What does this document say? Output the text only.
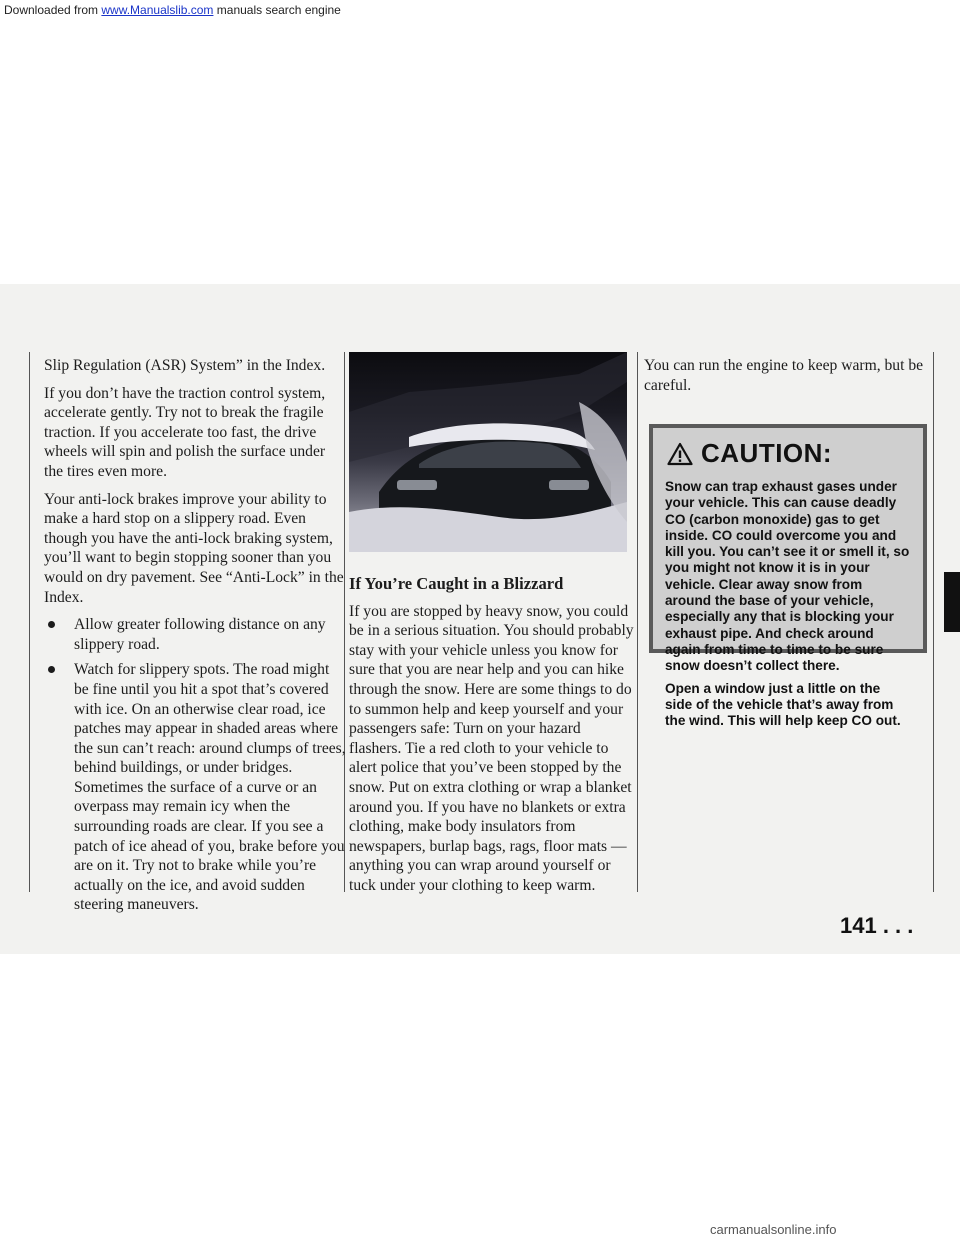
Downloaded from www.Manualslib.com manuals search engine

Slip Regulation (ASR) System” in the Index.

If you don’t have the traction control system, accelerate gently. Try not to break the fragile traction. If you accelerate too fast, the drive wheels will spin and polish the surface under the tires even more.

Your anti-lock brakes improve your ability to make a hard stop on a slippery road. Even though you have the anti-lock braking system, you’ll want to begin stopping sooner than you would on dry pavement. See “Anti-Lock” in the Index.

Allow greater following distance on any slippery road.
Watch for slippery spots. The road might be fine until you hit a spot that’s covered with ice. On an otherwise clear road, ice patches may appear in shaded areas where the sun can’t reach: around clumps of trees, behind buildings, or under bridges. Sometimes the surface of a curve or an overpass may remain icy when the surrounding roads are clear. If you see a patch of ice ahead of you, brake before you are on it. Try not to brake while you’re actually on the ice, and avoid sudden steering maneuvers.

If You’re Caught in a Blizzard

If you are stopped by heavy snow, you could be in a serious situation. You should probably stay with your vehicle unless you know for sure that you are near help and you can hike through the snow. Here are some things to do to summon help and keep yourself and your passengers safe: Turn on your hazard flashers. Tie a red cloth to your vehicle to alert police that you’ve been stopped by the snow. Put on extra clothing or wrap a blanket around you. If you have no blankets or extra clothing, make body insulators from newspapers, burlap bags, rags, floor mats — anything you can wrap around yourself or tuck under your clothing to keep warm.

You can run the engine to keep warm, but be careful.

CAUTION:

Snow can trap exhaust gases under your vehicle. This can cause deadly CO (carbon monoxide) gas to get inside. CO could overcome you and kill you. You can’t see it or smell it, so you might not know it is in your vehicle. Clear away snow from around the base of your vehicle, especially any that is blocking your exhaust pipe. And check around again from time to time to be sure snow doesn’t collect there.

Open a window just a little on the side of the vehicle that’s away from the wind. This will help keep CO out.

141 . . .
carmanualsonline.info
